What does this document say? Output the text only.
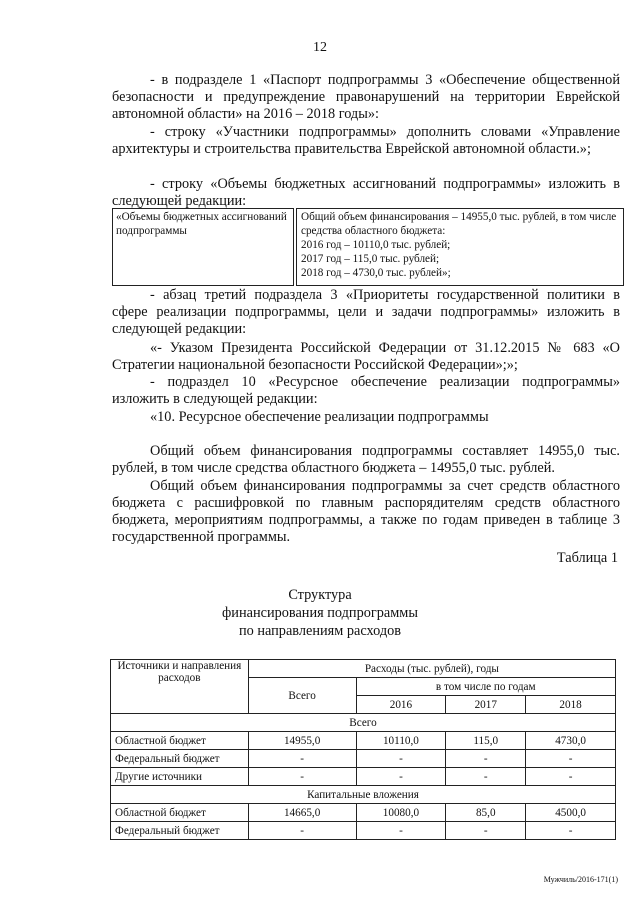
12
- в подразделе 1 «Паспорт подпрограммы 3 «Обеспечение общественной безопасности и предупреждение правонарушений на территории Еврейской автономной области» на 2016 – 2018 годы»:
- строку «Участники подпрограммы» дополнить словами «Управление архитектуры и строительства правительства Еврейской автономной области.»;
- строку «Объемы бюджетных ассигнований подпрограммы» изложить в следующей редакции:
«Объемы бюджетных ассигнований подпрограммы
Общий объем финансирования – 14955,0 тыс. рублей, в том числе средства областного бюджета:
2016 год – 10110,0 тыс. рублей;
2017 год – 115,0 тыс. рублей;
2018 год – 4730,0 тыс. рублей»;
- абзац третий подраздела 3 «Приоритеты государственной политики в сфере реализации подпрограммы, цели и задачи подпрограммы» изложить в следующей редакции:
«- Указом Президента Российской Федерации от 31.12.2015 № 683 «О Стратегии национальной безопасности Российской Федерации»;»;
- подраздел 10 «Ресурсное обеспечение реализации подпрограммы» изложить в следующей редакции:
«10. Ресурсное обеспечение реализации подпрограммы
Общий объем финансирования подпрограммы составляет 14955,0 тыс. рублей, в том числе средства областного бюджета – 14955,0 тыс. рублей.
Общий объем финансирования подпрограммы за счет средств областного бюджета с расшифровкой по главным распорядителям средств областного бюджета, мероприятиям подпрограммы, а также по годам приведен в таблице 3 государственной программы.
Таблица 1
Структура
финансирования подпрограммы
по направлениям расходов
Источники и направления расходов	Расходы (тыс. рублей), годы			
	Всего	в том числе по годам		
		2016	2017	2018
Всего				
Областной бюджет	14955,0	10110,0	115,0	4730,0
Федеральный бюджет	-	-	-	-
Другие источники	-	-	-	-
Капитальные вложения				
Областной бюджет	14665,0	10080,0	85,0	4500,0
Федеральный бюджет	-	-	-	-
Мужчиль/2016-171(1)
